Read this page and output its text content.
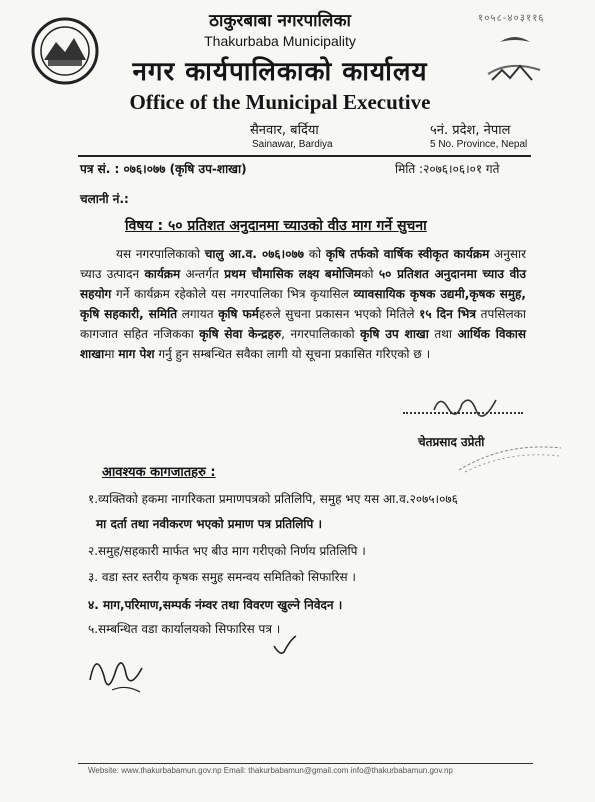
ठाकुरबाबा नगरपालिका
Thakurbaba Municipality
नगर कार्यपालिकाको कार्यालय
Office of the Municipal Executive
१०५८-४०३११६
सैनवार, बर्दिया
Sainawar, Bardiya
५नं. प्रदेश, नेपाल
5 No. Province, Nepal
पत्र सं. : ०७६।०७७ (कृषि उप-शाखा)	मिति :२०७६।०६।०१ गते
चलानी नं.:
विषय : ५० प्रतिशत अनुदानमा च्याउको वीउ माग गर्ने सुचना
यस नगरपालिकाको चालु आ.व. ०७६।०७७ को कृषि तर्फको वार्षिक स्वीकृत कार्यक्रम अनुसार च्याउ उत्पादन कार्यक्रम अन्तर्गत प्रथम चौमासिक लक्ष्य बमोजिमको ५० प्रतिशत अनुदानमा च्याउ वीउ सहयोग गर्ने कार्यक्रम रहेकोले यस नगरपालिका भित्र कृयासिल व्यावसायिक कृषक उद्यमी,कृषक समुह, कृषि सहकारी, समिति लगायत कृषि फर्महरुले सुचना प्रकासन भएको मितिले १५ दिन भित्र तपसिलका कागजात सहित नजिकका कृषि सेवा केन्द्रहरु, नगरपालिकाको कृषि उप शाखा तथा आर्थिक विकास शाखामा माग पेश गर्नु हुन सम्बन्धित सवैका लागी यो सूचना प्रकासित गरिएको छ ।
चेतप्रसाद उप्रेती
आवश्यक कागजातहरु :
१.व्यक्तिको हकमा नागरिकता प्रमाणपत्रको प्रतिलिपि, समुह भए यस आ.व.२०७५।०७६
मा दर्ता तथा नवीकरण भएको प्रमाण पत्र प्रतिलिपि ।
२.समुह/सहकारी मार्फत भए बीउ माग गरीएको निर्णय प्रतिलिपि ।
३. वडा स्तर स्तरीय कृषक समुह समन्वय समितिको सिफारिस ।
४. माग,परिमाण,सम्पर्क नंम्वर तथा विवरण खुल्ने निवेदन ।
५.सम्बन्धित वडा कार्यालयको सिफारिस पत्र ।
Website: www.thakurbabamun.gov.np Email: thakurbabamun@gmail.com info@thakurbabamun.gov.np
